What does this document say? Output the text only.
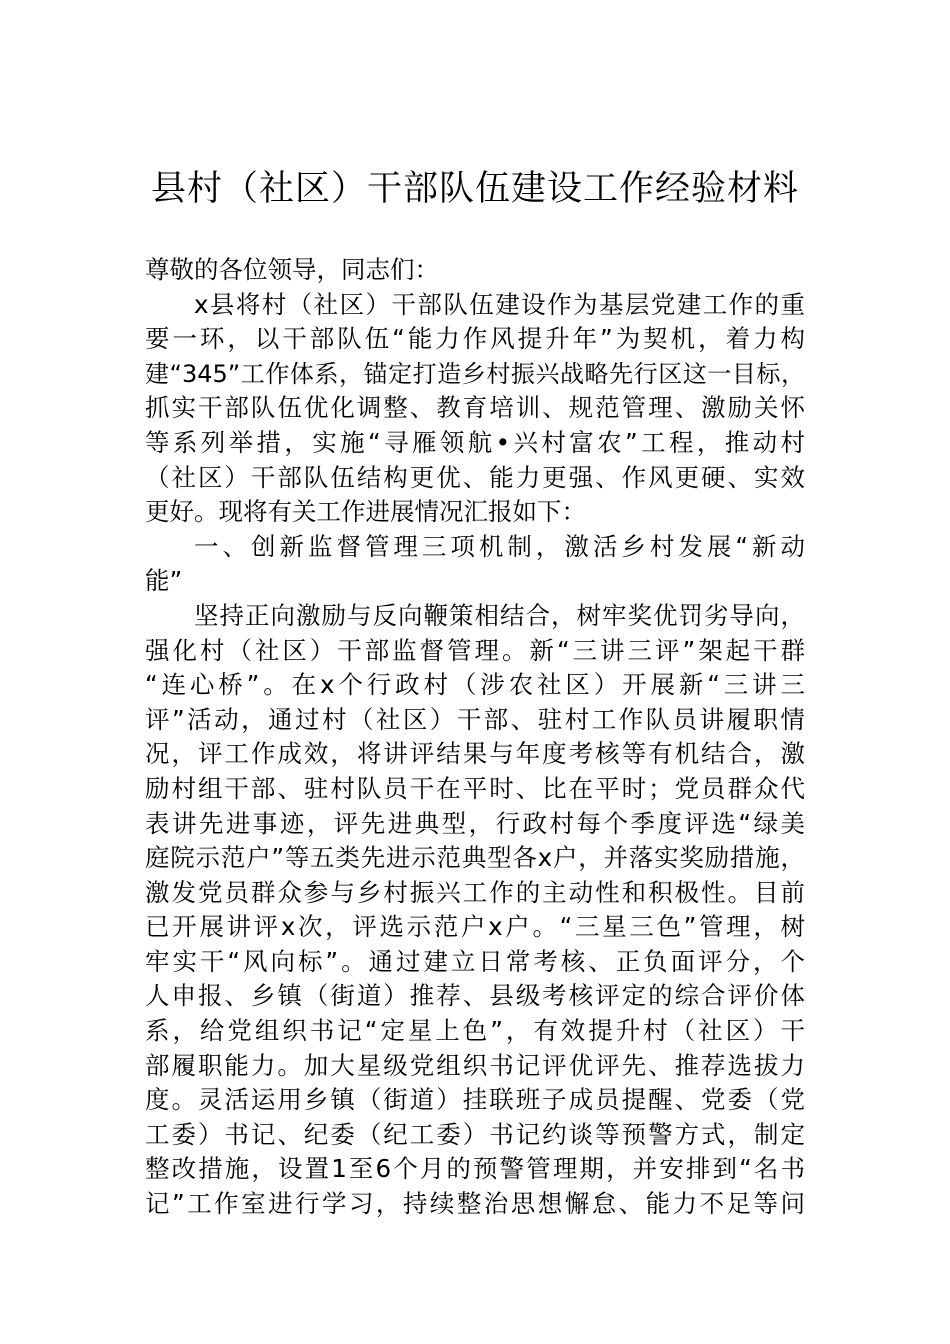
县村（社区）干部队伍建设工作经验材料
尊敬的各位领导，同志们：
x县将村（社区）干部队伍建设作为基层党建工作的重
要一环，以干部队伍“能力作风提升年”为契机，着力构
建“345”工作体系，锚定打造乡村振兴战略先行区这一目标，
抓实干部队伍优化调整、教育培训、规范管理、激励关怀
等系列举措，实施“寻雁领航•兴村富农”工程，推动村
（社区）干部队伍结构更优、能力更强、作风更硬、实效
更好。现将有关工作进展情况汇报如下：
一、创新监督管理三项机制，激活乡村发展“新动
能”
坚持正向激励与反向鞭策相结合，树牢奖优罚劣导向，
强化村（社区）干部监督管理。新“三讲三评”架起干群
“连心桥”。在x个行政村（涉农社区）开展新“三讲三
评”活动，通过村（社区）干部、驻村工作队员讲履职情
况，评工作成效，将讲评结果与年度考核等有机结合，激
励村组干部、驻村队员干在平时、比在平时；党员群众代
表讲先进事迹，评先进典型，行政村每个季度评选“绿美
庭院示范户”等五类先进示范典型各x户，并落实奖励措施，
激发党员群众参与乡村振兴工作的主动性和积极性。目前
已开展讲评x次，评选示范户x户。“三星三色”管理，树
牢实干“风向标”。通过建立日常考核、正负面评分，个
人申报、乡镇（街道）推荐、县级考核评定的综合评价体
系，给党组织书记“定星上色”，有效提升村（社区）干
部履职能力。加大星级党组织书记评优评先、推荐选拔力
度。灵活运用乡镇（街道）挂联班子成员提醒、党委（党
工委）书记、纪委（纪工委）书记约谈等预警方式，制定
整改措施，设置1至6个月的预警管理期，并安排到“名书
记”工作室进行学习，持续整治思想懈怠、能力不足等问
